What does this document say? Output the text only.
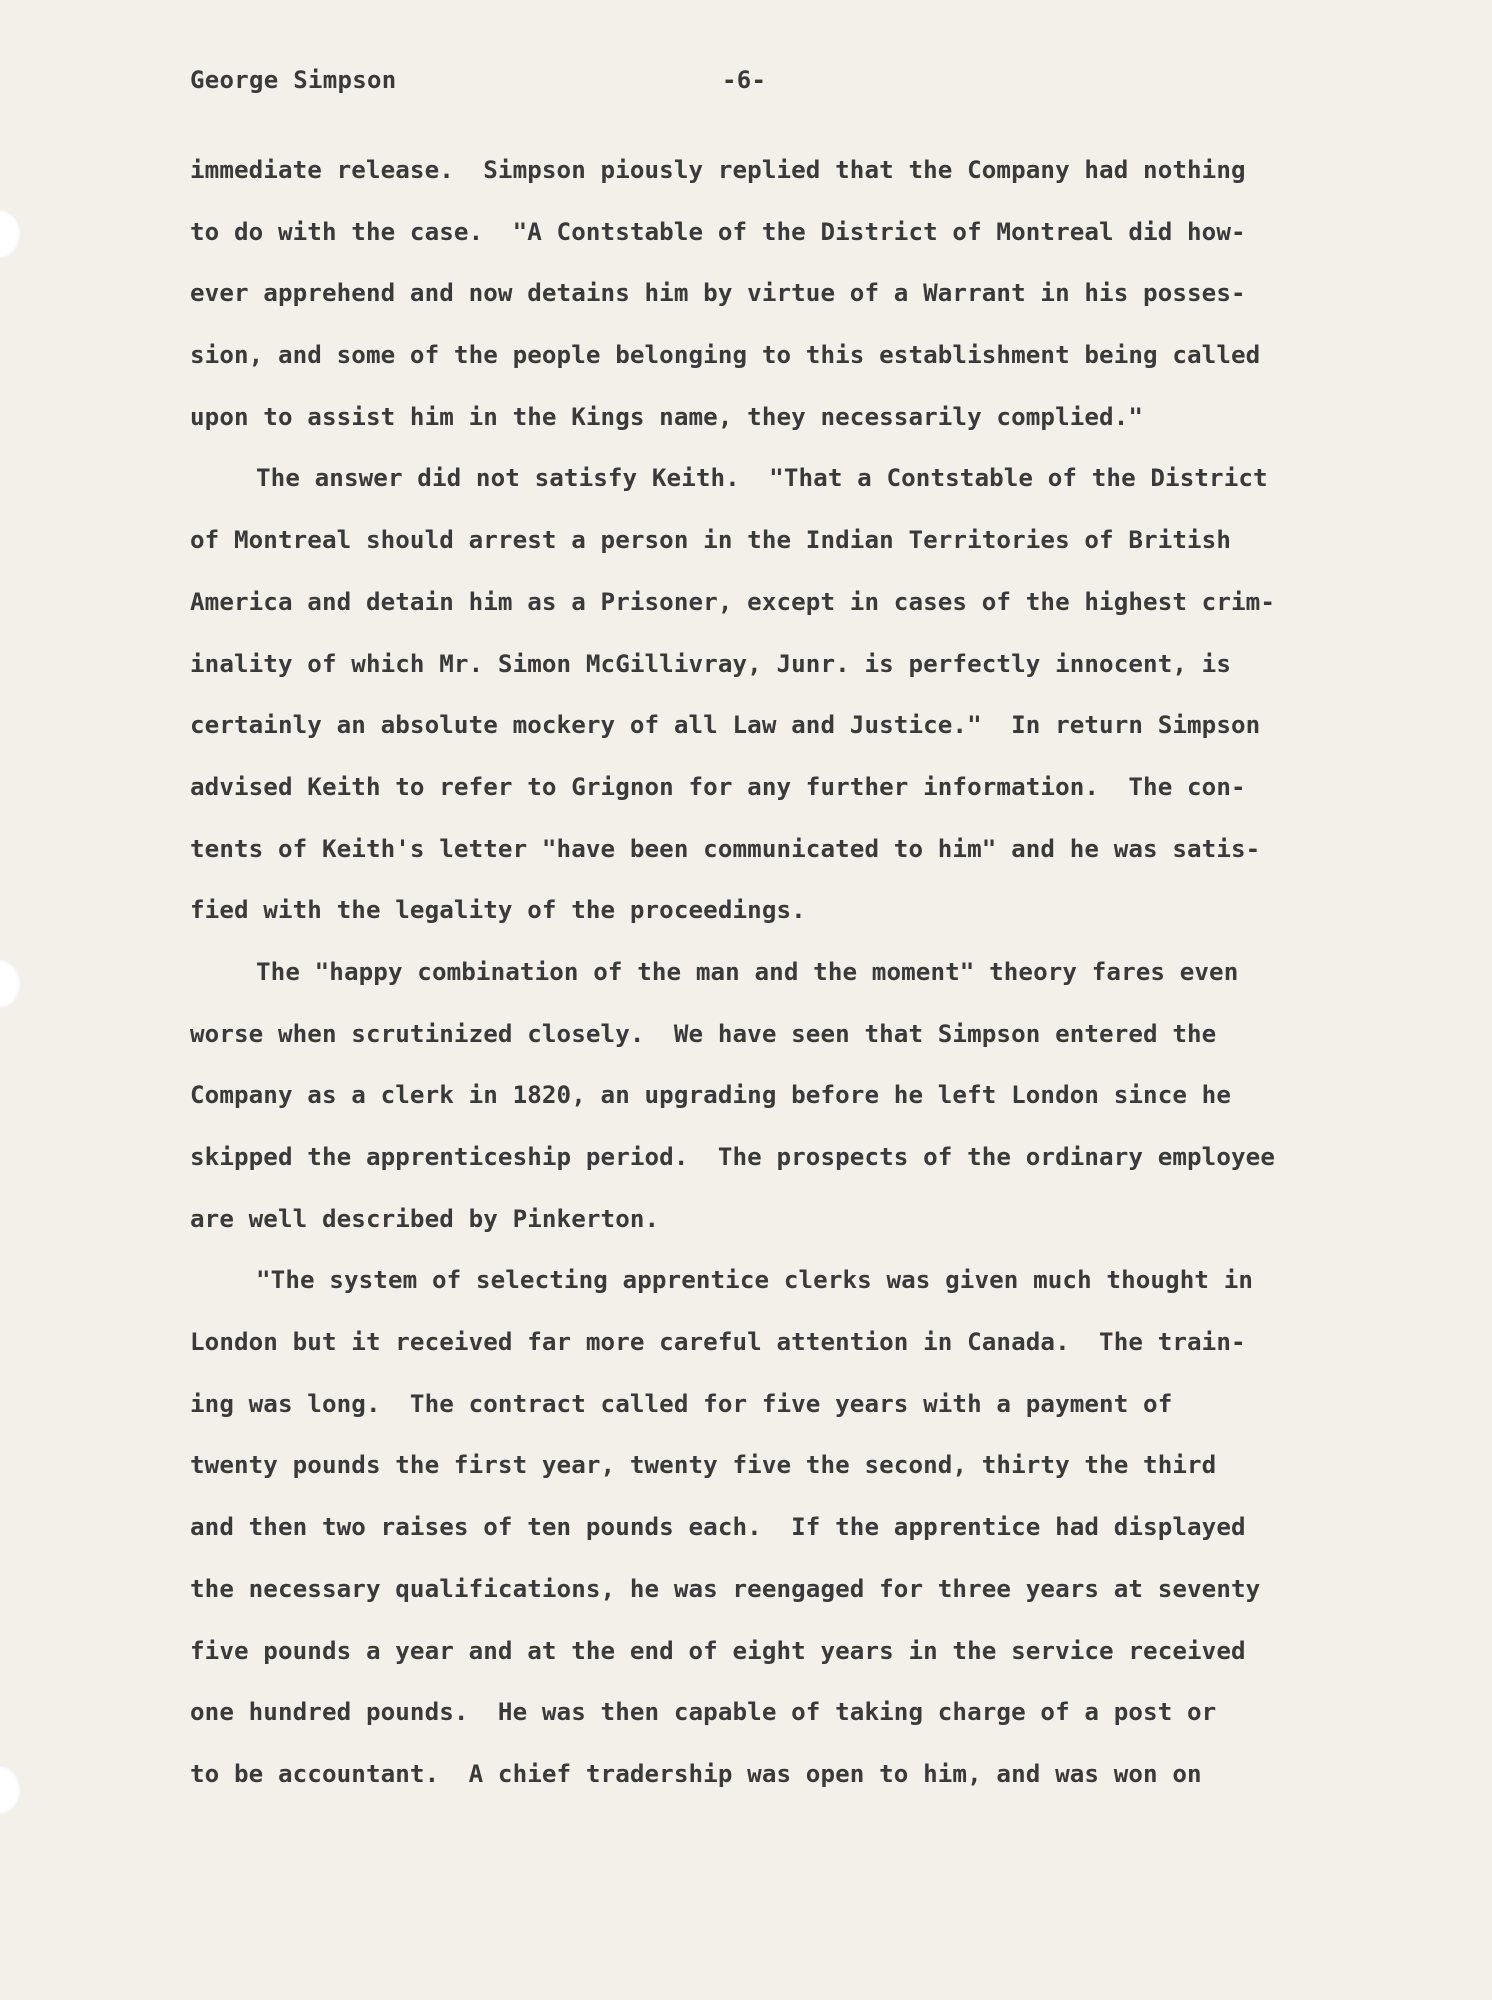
George Simpson	-6-
immediate release.  Simpson piously replied that the Company had nothing
to do with the case.  "A Contstable of the District of Montreal did how-
ever apprehend and now detains him by virtue of a Warrant in his posses-
sion, and some of the people belonging to this establishment being called
upon to assist him in the Kings name, they necessarily complied."
The answer did not satisfy Keith.  "That a Contstable of the District
of Montreal should arrest a person in the Indian Territories of British
America and detain him as a Prisoner, except in cases of the highest crim-
inality of which Mr. Simon McGillivray, Junr. is perfectly innocent, is
certainly an absolute mockery of all Law and Justice."  In return Simpson
advised Keith to refer to Grignon for any further information.  The con-
tents of Keith's letter "have been communicated to him" and he was satis-
fied with the legality of the proceedings.
The "happy combination of the man and the moment" theory fares even
worse when scrutinized closely.  We have seen that Simpson entered the
Company as a clerk in 1820, an upgrading before he left London since he
skipped the apprenticeship period.  The prospects of the ordinary employee
are well described by Pinkerton.
"The system of selecting apprentice clerks was given much thought in
London but it received far more careful attention in Canada.  The train-
ing was long.  The contract called for five years with a payment of
twenty pounds the first year, twenty five the second, thirty the third
and then two raises of ten pounds each.  If the apprentice had displayed
the necessary qualifications, he was reengaged for three years at seventy
five pounds a year and at the end of eight years in the service received
one hundred pounds.  He was then capable of taking charge of a post or
to be accountant.  A chief tradership was open to him, and was won on
